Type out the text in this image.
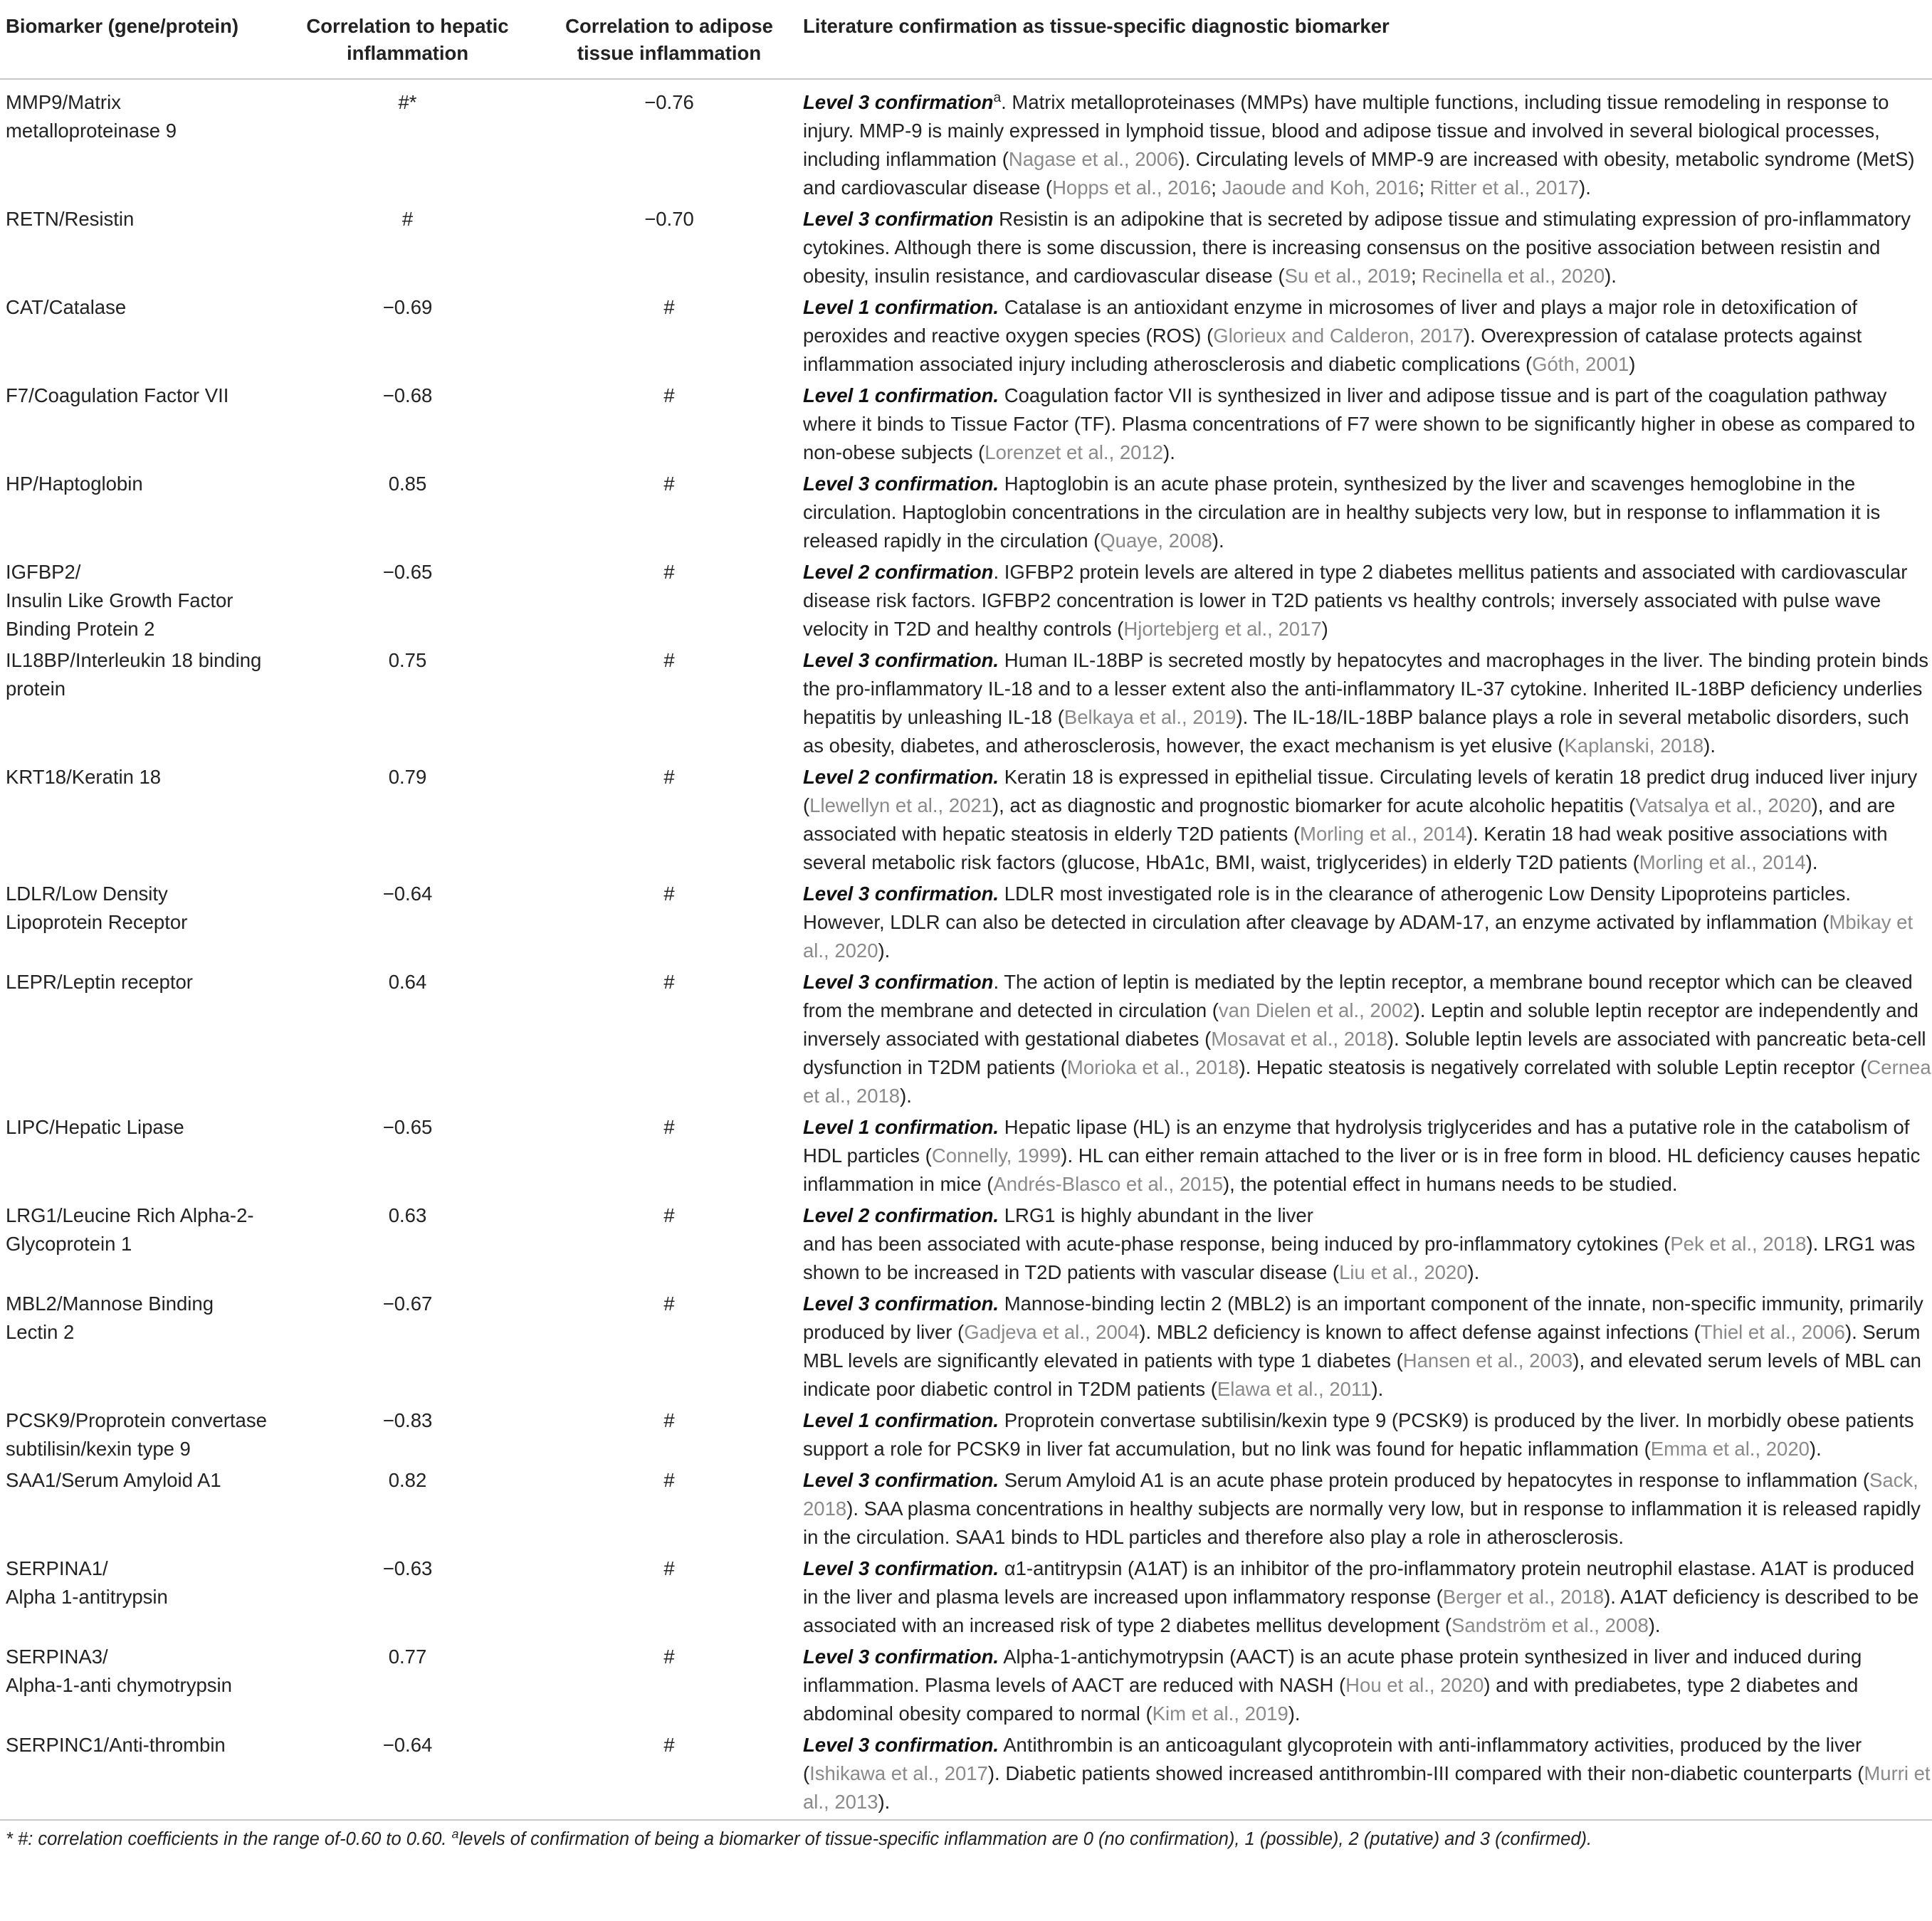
Biomarker (gene/protein)	Correlation to hepatic inflammation	Correlation to adipose tissue inflammation	Literature confirmation as tissue-specific diagnostic biomarker
MMP9/Matrix metalloproteinase 9	#*	−0.76	Level 3 confirmation$^a$. Matrix metalloproteinases (MMPs) have multiple functions, including tissue remodeling in response to injury. MMP-9 is mainly expressed in lymphoid tissue, blood and adipose tissue and involved in several biological processes, including inflammation (Nagase et al., 2006). Circulating levels of MMP-9 are increased with obesity, metabolic syndrome (MetS) and cardiovascular disease (Hopps et al., 2016; Jaoude and Koh, 2016; Ritter et al., 2017).
RETN/Resistin	#	−0.70	Level 3 confirmation Resistin is an adipokine that is secreted by adipose tissue and stimulating expression of pro-inflammatory cytokines. Although there is some discussion, there is increasing consensus on the positive association between resistin and obesity, insulin resistance, and cardiovascular disease (Su et al., 2019; Recinella et al., 2020).
CAT/Catalase	−0.69	#	Level 1 confirmation. Catalase is an antioxidant enzyme in microsomes of liver and plays a major role in detoxification of peroxides and reactive oxygen species (ROS) (Glorieux and Calderon, 2017). Overexpression of catalase protects against inflammation associated injury including atherosclerosis and diabetic complications (Góth, 2001)
F7/Coagulation Factor VII	−0.68	#	Level 1 confirmation. Coagulation factor VII is synthesized in liver and adipose tissue and is part of the coagulation pathway where it binds to Tissue Factor (TF). Plasma concentrations of F7 were shown to be significantly higher in obese as compared to non-obese subjects (Lorenzet et al., 2012).
HP/Haptoglobin	0.85	#	Level 3 confirmation. Haptoglobin is an acute phase protein, synthesized by the liver and scavenges hemoglobine in the circulation. Haptoglobin concentrations in the circulation are in healthy subjects very low, but in response to inflammation it is released rapidly in the circulation (Quaye, 2008).
IGFBP2/
Insulin Like Growth Factor Binding Protein 2	−0.65	#	Level 2 confirmation. IGFBP2 protein levels are altered in type 2 diabetes mellitus patients and associated with cardiovascular disease risk factors. IGFBP2 concentration is lower in T2D patients vs healthy controls; inversely associated with pulse wave velocity in T2D and healthy controls (Hjortebjerg et al., 2017)
IL18BP/Interleukin 18 binding protein	0.75	#	Level 3 confirmation. Human IL-18BP is secreted mostly by hepatocytes and macrophages in the liver. The binding protein binds the pro-inflammatory IL-18 and to a lesser extent also the anti-inflammatory IL-37 cytokine. Inherited IL-18BP deficiency underlies hepatitis by unleashing IL-18 (Belkaya et al., 2019). The IL-18/IL-18BP balance plays a role in several metabolic disorders, such as obesity, diabetes, and atherosclerosis, however, the exact mechanism is yet elusive (Kaplanski, 2018).
KRT18/Keratin 18	0.79	#	Level 2 confirmation. Keratin 18 is expressed in epithelial tissue. Circulating levels of keratin 18 predict drug induced liver injury (Llewellyn et al., 2021), act as diagnostic and prognostic biomarker for acute alcoholic hepatitis (Vatsalya et al., 2020), and are associated with hepatic steatosis in elderly T2D patients (Morling et al., 2014). Keratin 18 had weak positive associations with several metabolic risk factors (glucose, HbA1c, BMI, waist, triglycerides) in elderly T2D patients (Morling et al., 2014).
LDLR/Low Density Lipoprotein Receptor	−0.64	#	Level 3 confirmation. LDLR most investigated role is in the clearance of atherogenic Low Density Lipoproteins particles. However, LDLR can also be detected in circulation after cleavage by ADAM-17, an enzyme activated by inflammation (Mbikay et al., 2020).
LEPR/Leptin receptor	0.64	#	Level 3 confirmation. The action of leptin is mediated by the leptin receptor, a membrane bound receptor which can be cleaved from the membrane and detected in circulation (van Dielen et al., 2002). Leptin and soluble leptin receptor are independently and inversely associated with gestational diabetes (Mosavat et al., 2018). Soluble leptin levels are associated with pancreatic beta-cell dysfunction in T2DM patients (Morioka et al., 2018). Hepatic steatosis is negatively correlated with soluble Leptin receptor (Cernea et al., 2018).
LIPC/Hepatic Lipase	−0.65	#	Level 1 confirmation. Hepatic lipase (HL) is an enzyme that hydrolysis triglycerides and has a putative role in the catabolism of HDL particles (Connelly, 1999). HL can either remain attached to the liver or is in free form in blood. HL deficiency causes hepatic inflammation in mice (Andrés-Blasco et al., 2015), the potential effect in humans needs to be studied.
LRG1/Leucine Rich Alpha-2-Glycoprotein 1	0.63	#	Level 2 confirmation. LRG1 is highly abundant in the liver
and has been associated with acute-phase response, being induced by pro-inflammatory cytokines (Pek et al., 2018). LRG1 was shown to be increased in T2D patients with vascular disease (Liu et al., 2020).
MBL2/Mannose Binding Lectin 2	−0.67	#	Level 3 confirmation. Mannose-binding lectin 2 (MBL2) is an important component of the innate, non-specific immunity, primarily produced by liver (Gadjeva et al., 2004). MBL2 deficiency is known to affect defense against infections (Thiel et al., 2006). Serum MBL levels are significantly elevated in patients with type 1 diabetes (Hansen et al., 2003), and elevated serum levels of MBL can indicate poor diabetic control in T2DM patients (Elawa et al., 2011).
PCSK9/Proprotein convertase subtilisin/kexin type 9	−0.83	#	Level 1 confirmation. Proprotein convertase subtilisin/kexin type 9 (PCSK9) is produced by the liver. In morbidly obese patients support a role for PCSK9 in liver fat accumulation, but no link was found for hepatic inflammation (Emma et al., 2020).
SAA1/Serum Amyloid A1	0.82	#	Level 3 confirmation. Serum Amyloid A1 is an acute phase protein produced by hepatocytes in response to inflammation (Sack, 2018). SAA plasma concentrations in healthy subjects are normally very low, but in response to inflammation it is released rapidly in the circulation. SAA1 binds to HDL particles and therefore also play a role in atherosclerosis.
SERPINA1/
Alpha 1-antitrypsin	−0.63	#	Level 3 confirmation. α1-antitrypsin (A1AT) is an inhibitor of the pro-inflammatory protein neutrophil elastase. A1AT is produced in the liver and plasma levels are increased upon inflammatory response (Berger et al., 2018). A1AT deficiency is described to be associated with an increased risk of type 2 diabetes mellitus development (Sandström et al., 2008).
SERPINA3/
Alpha-1-anti chymotrypsin	0.77	#	Level 3 confirmation. Alpha-1-antichymotrypsin (AACT) is an acute phase protein synthesized in liver and induced during inflammation. Plasma levels of AACT are reduced with NASH (Hou et al., 2020) and with prediabetes, type 2 diabetes and abdominal obesity compared to normal (Kim et al., 2019).
SERPINC1/Anti-thrombin	−0.64	#	Level 3 confirmation. Antithrombin is an anticoagulant glycoprotein with anti-inflammatory activities, produced by the liver (Ishikawa et al., 2017). Diabetic patients showed increased antithrombin-III compared with their non-diabetic counterparts (Murri et al., 2013).
* #: correlation coefficients in the range of-0.60 to 0.60. $^a$levels of confirmation of being a biomarker of tissue-specific inflammation are 0 (no confirmation), 1 (possible), 2 (putative) and 3 (confirmed).			
